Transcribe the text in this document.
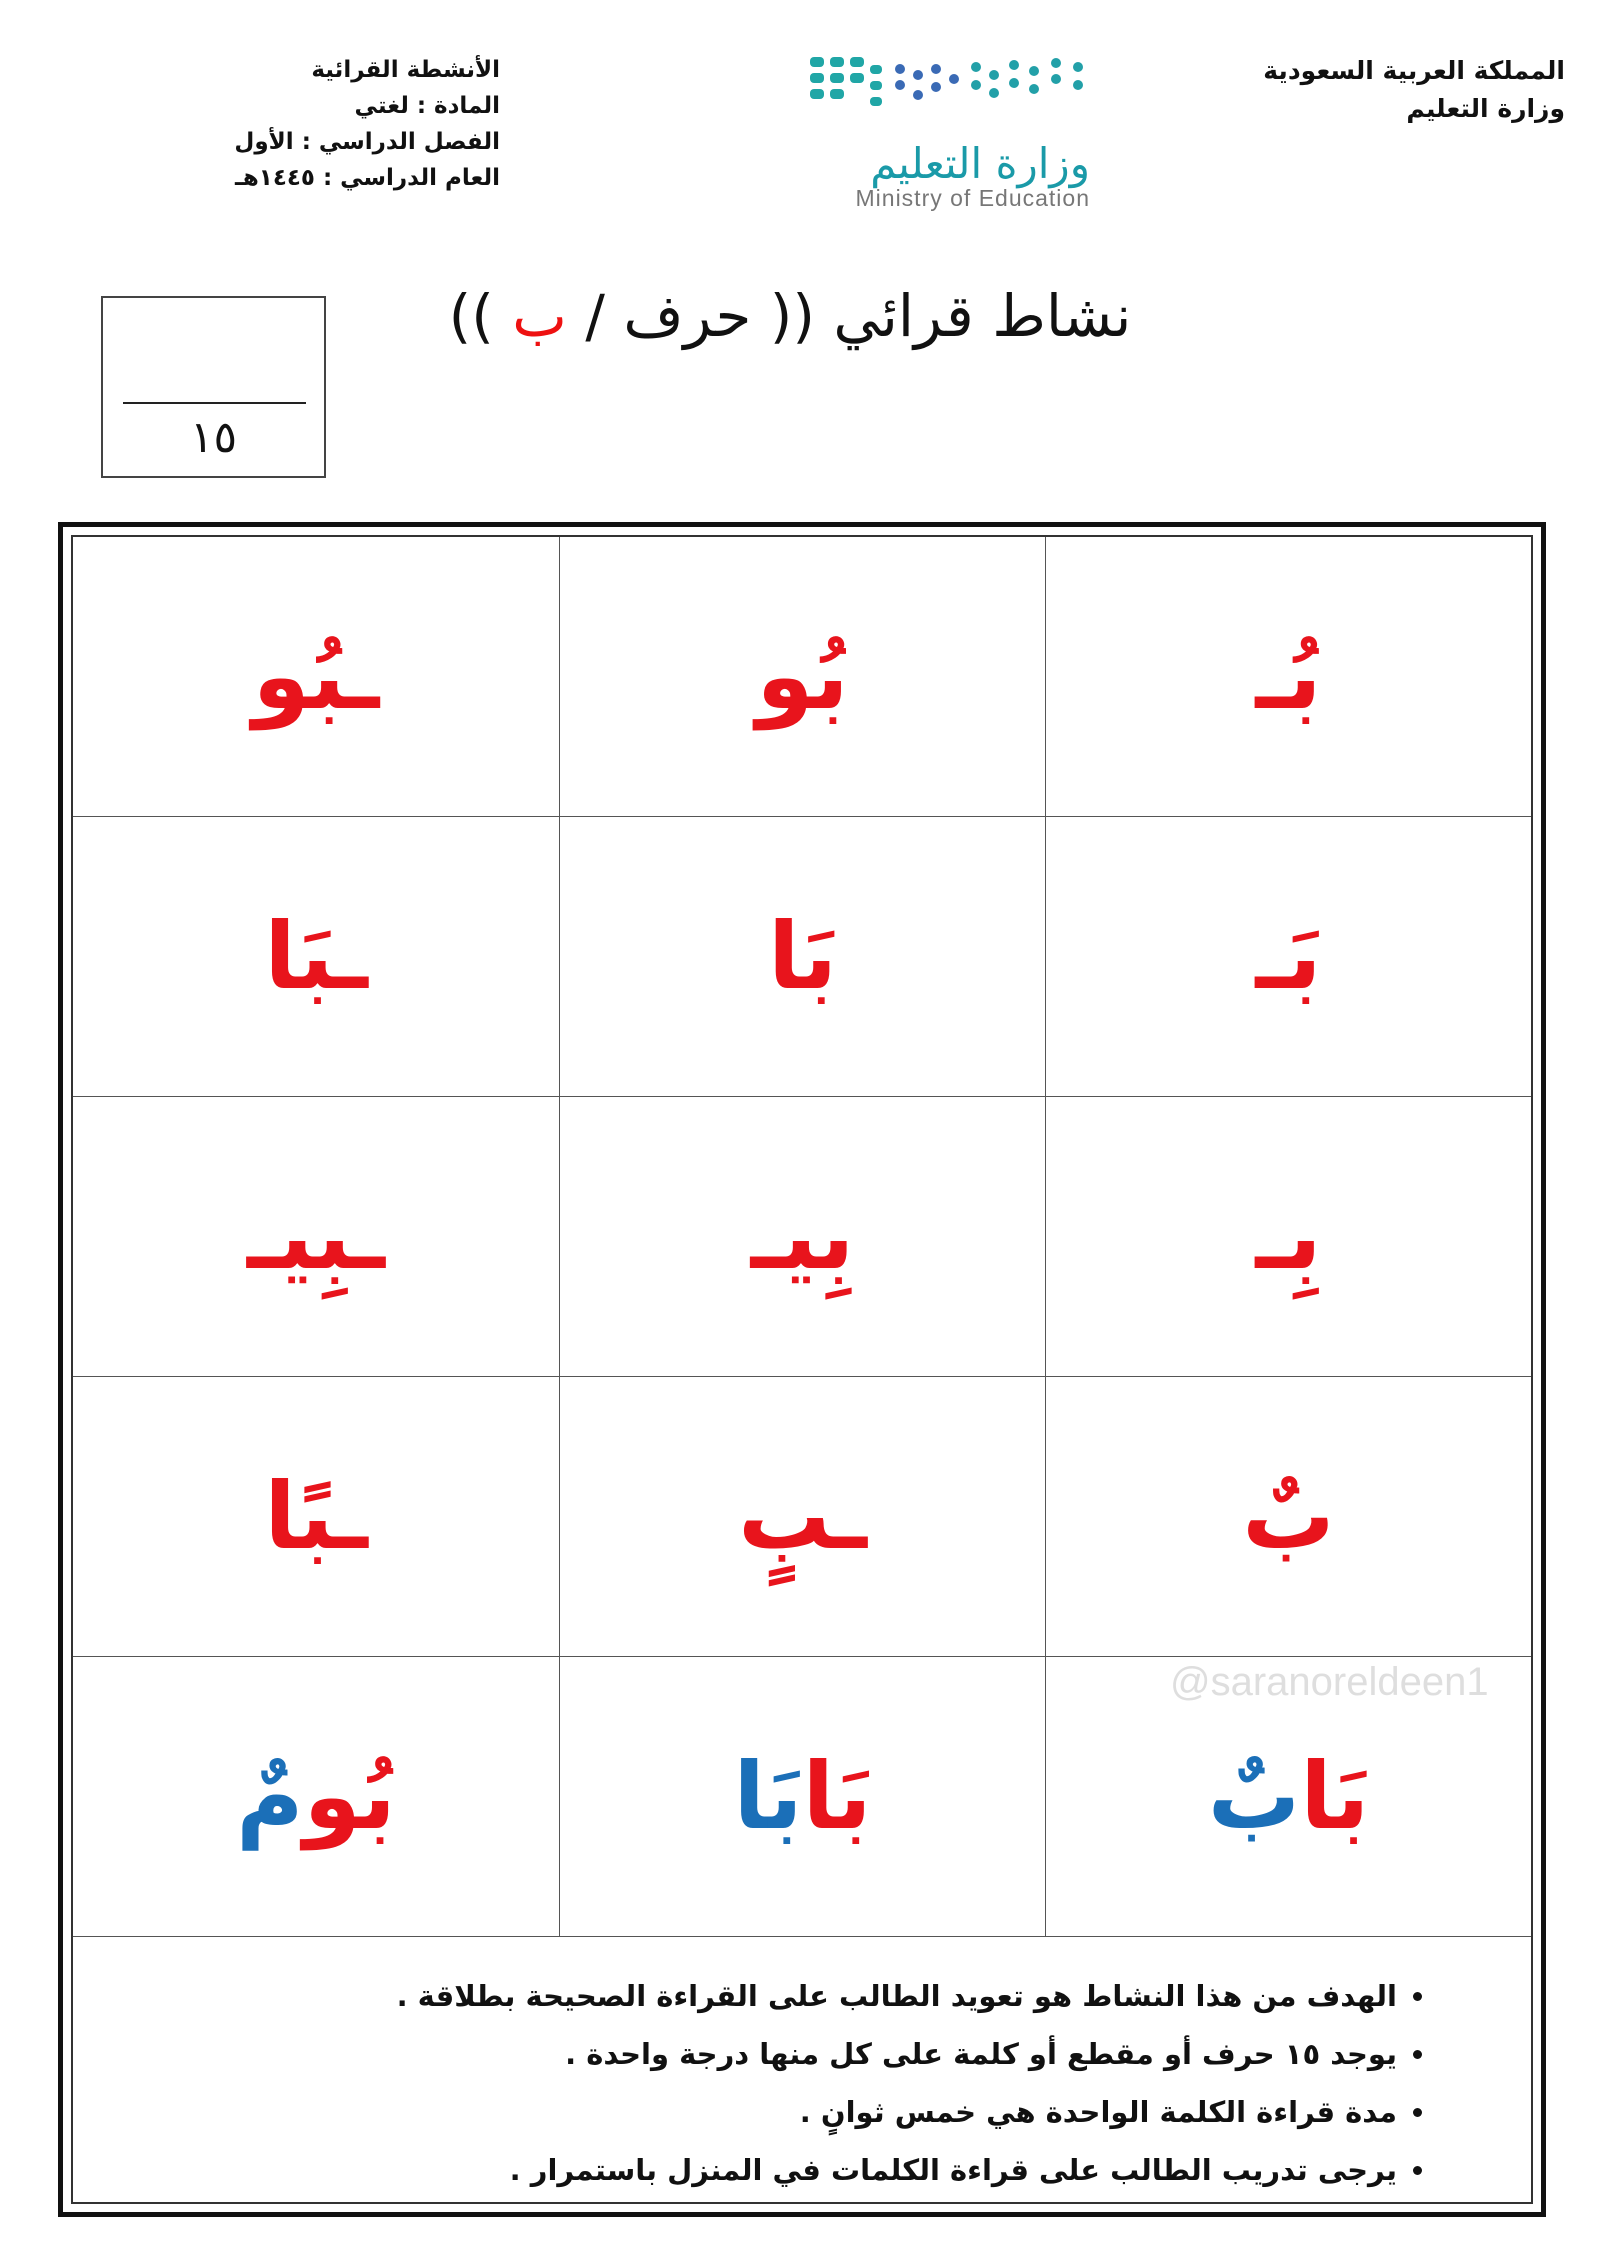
المملكة العربية السعودية
وزارة التعليم
وزارة التعليم
Ministry of Education
الأنشطة القرائية
المادة : لغتي
الفصل الدراسي : الأول
العام الدراسي : ١٤٤٥هـ
نشاط قرائي (( حرف / ب ))
١٥
بُـ
بُو
ـبُو
بَـ
بَا
ـبَا
بِـ
بِيـ
ـبِيـ
بٌ
ـبٍ
ـبًا
بَا
بٌ
بَا
بَا
بُو
مٌ
• الهدف من هذا النشاط هو تعويد الطالب على القراءة الصحيحة بطلاقة .
• يوجد ١٥ حرف أو مقطع أو كلمة على كل منها درجة واحدة .
• مدة قراءة الكلمة الواحدة هي خمس ثوانٍ .
• يرجى تدريب الطالب على قراءة الكلمات في المنزل باستمرار .
@saranoreldeen1
